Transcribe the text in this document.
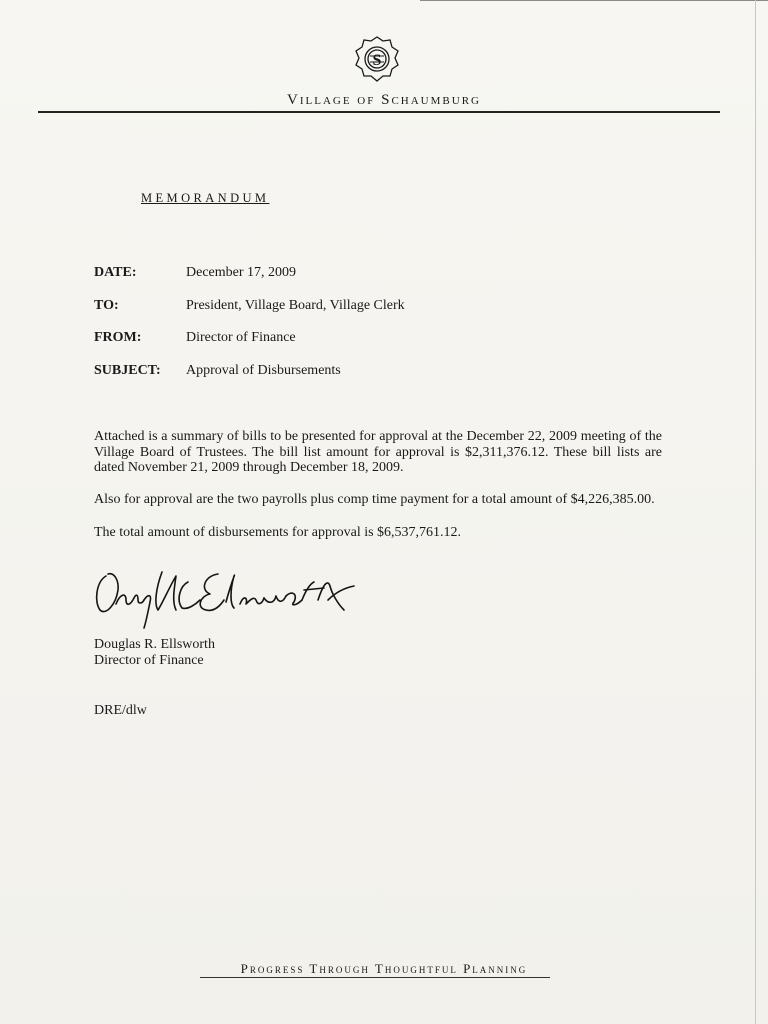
S
Village of Schaumburg
MEMORANDUM
DATE:	December 17, 2009
TO:	President, Village Board, Village Clerk
FROM:	Director of Finance
SUBJECT: Approval of Disbursements
Attached is a summary of bills to be presented for approval at the December 22, 2009 meeting of the Village Board of Trustees. The bill list amount for approval is $2,311,376.12. These bill lists are dated November 21, 2009 through December 18, 2009.
Also for approval are the two payrolls plus comp time payment for a total amount of $4,226,385.00.
The total amount of disbursements for approval is $6,537,761.12.
Douglas R. Ellsworth
Director of Finance
DRE/dlw
Progress Through Thoughtful Planning
